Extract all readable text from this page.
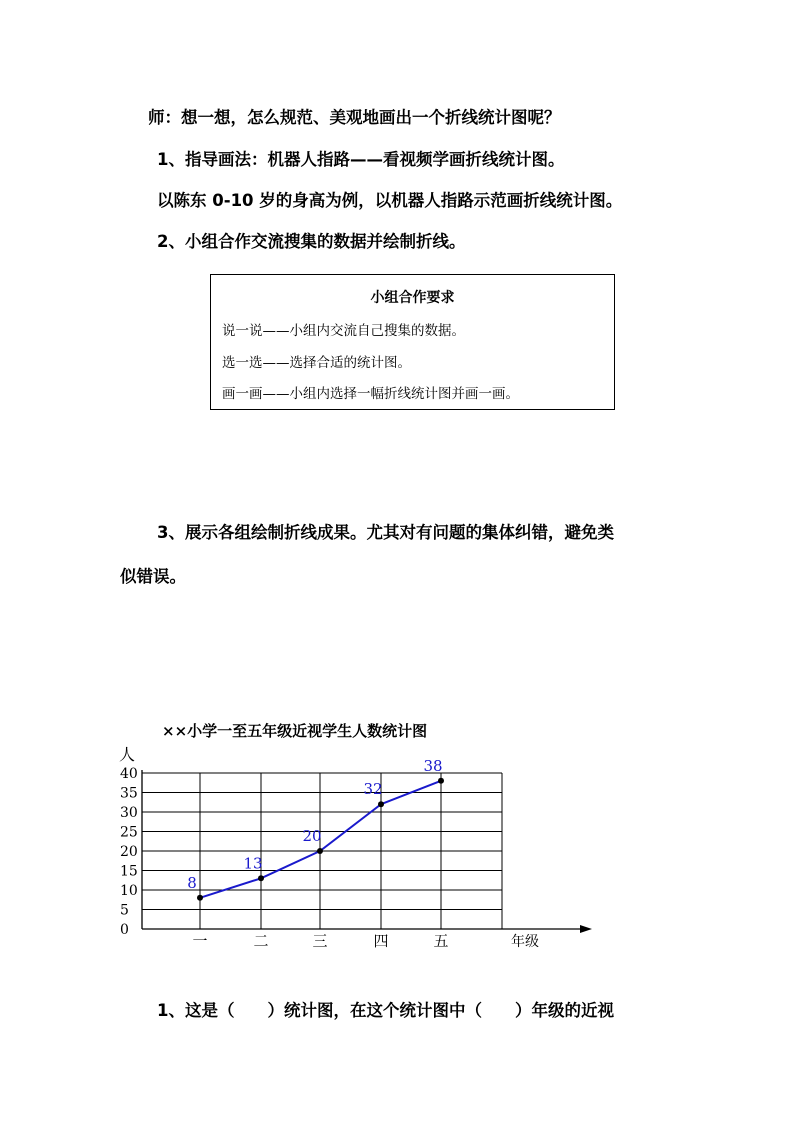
师：想一想，怎么规范、美观地画出一个折线统计图呢？
1、指导画法：机器人指路——看视频学画折线统计图。
以陈东 0-10 岁的身高为例，以机器人指路示范画折线统计图。
2、小组合作交流搜集的数据并绘制折线。
小组合作要求
说一说——小组内交流自己搜集的数据。
选一选——选择合适的统计图。
画一画——小组内选择一幅折线统计图并画一画。
3、展示各组绘制折线成果。尤其对有问题的集体纠错，避免类
似错误。
××小学一至五年级近视学生人数统计图
人
年级
0
5
10
15
20
25
30
35
40
一	二	三	四	五
8
13
20
32
38
1、这是（　　）统计图，在这个统计图中（　　）年级的近视
